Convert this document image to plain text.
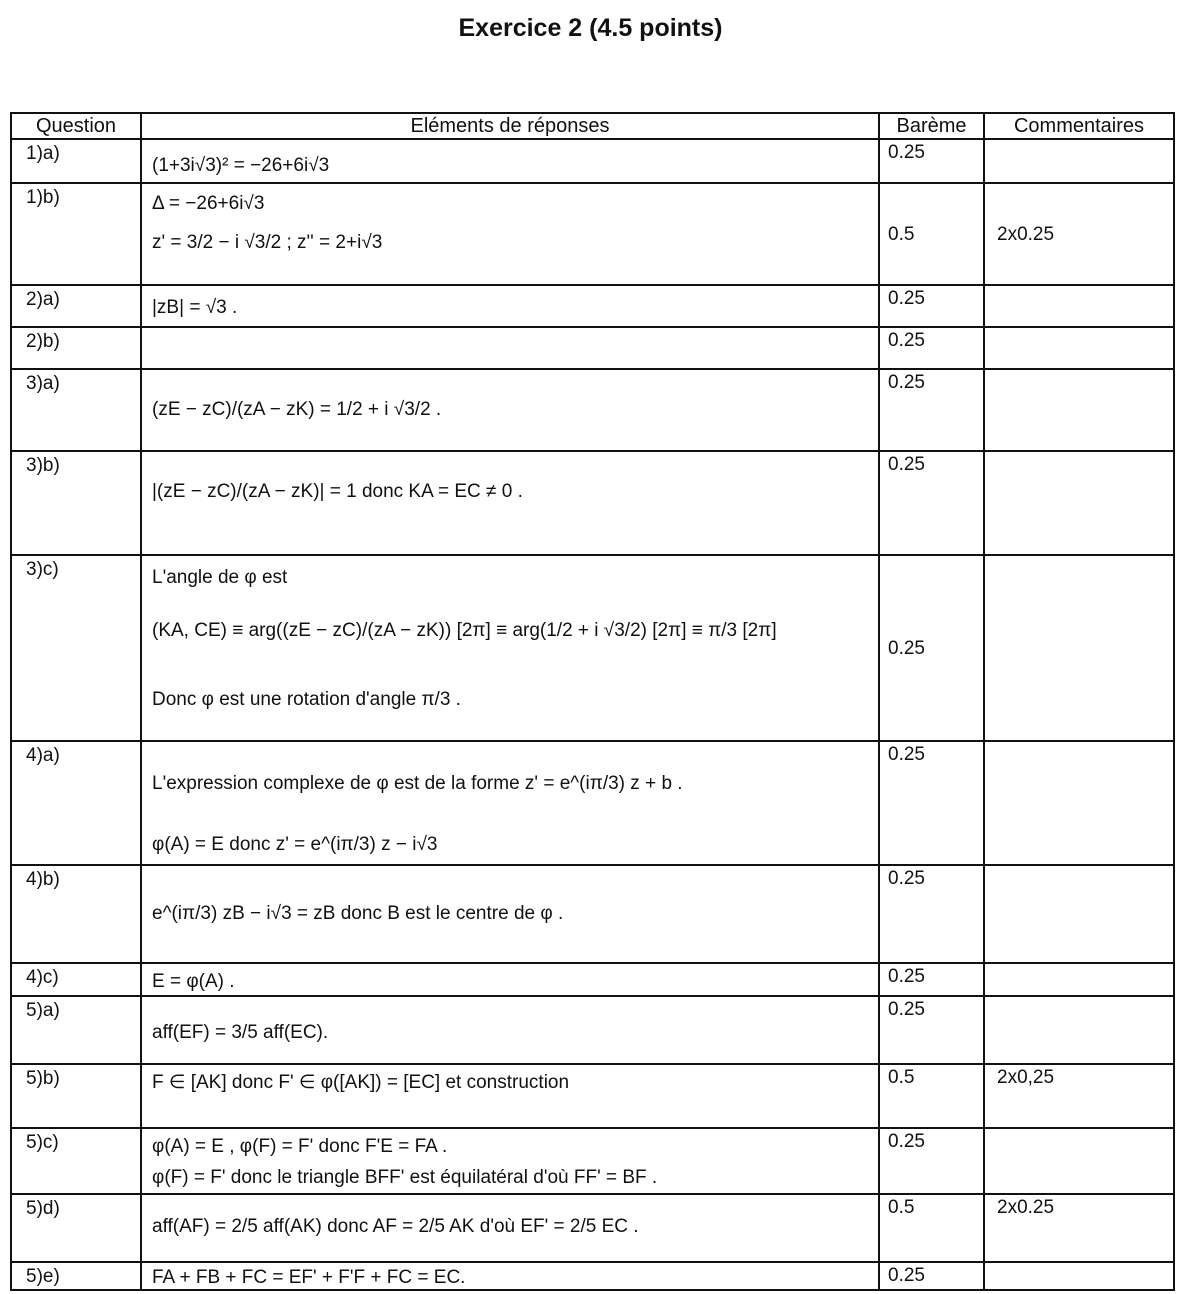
Exercice 2 (4.5 points)
Question	Eléments de réponses	Barème	Commentaires
1)a)	(1+3i√3)² = −26+6i√3	0.25	
1)b)	Δ = −26+6i√3
z' = 3/2 − i √3/2 ; z'' = 2+i√3	0.5	2x0.25
2)a)	|zB| = √3 .	0.25	
2)b)		0.25	
3)a)	(zE − zC)/(zA − zK) = 1/2 + i √3/2 .	0.25	
3)b)	|(zE − zC)/(zA − zK)| = 1 donc KA = EC ≠ 0 .	0.25	
3)c)	L'angle de φ est
(KA, CE) ≡ arg((zE − zC)/(zA − zK)) [2π] ≡ arg(1/2 + i √3/2) [2π] ≡ π/3 [2π]
Donc φ est une rotation d'angle π/3 .	0.25	
4)a)	L'expression complexe de φ est de la forme z' = e^(iπ/3) z + b .
φ(A) = E donc z' = e^(iπ/3) z − i√3	0.25	
4)b)	e^(iπ/3) zB − i√3 = zB donc B est le centre de φ .	0.25	
4)c)	E = φ(A) .	0.25	
5)a)	aff(EF) = 3/5 aff(EC).	0.25	
5)b)	F ∈ [AK] donc F' ∈ φ([AK]) = [EC] et construction	0.5	2x0,25
5)c)	φ(A) = E , φ(F) = F' donc F'E = FA .
φ(F) = F' donc le triangle BFF' est équilatéral d'où FF' = BF .	0.25	
5)d)	aff(AF) = 2/5 aff(AK) donc AF = 2/5 AK d'où EF' = 2/5 EC .	0.5	2x0.25
5)e)	FA + FB + FC = EF' + F'F + FC = EC.	0.25	
